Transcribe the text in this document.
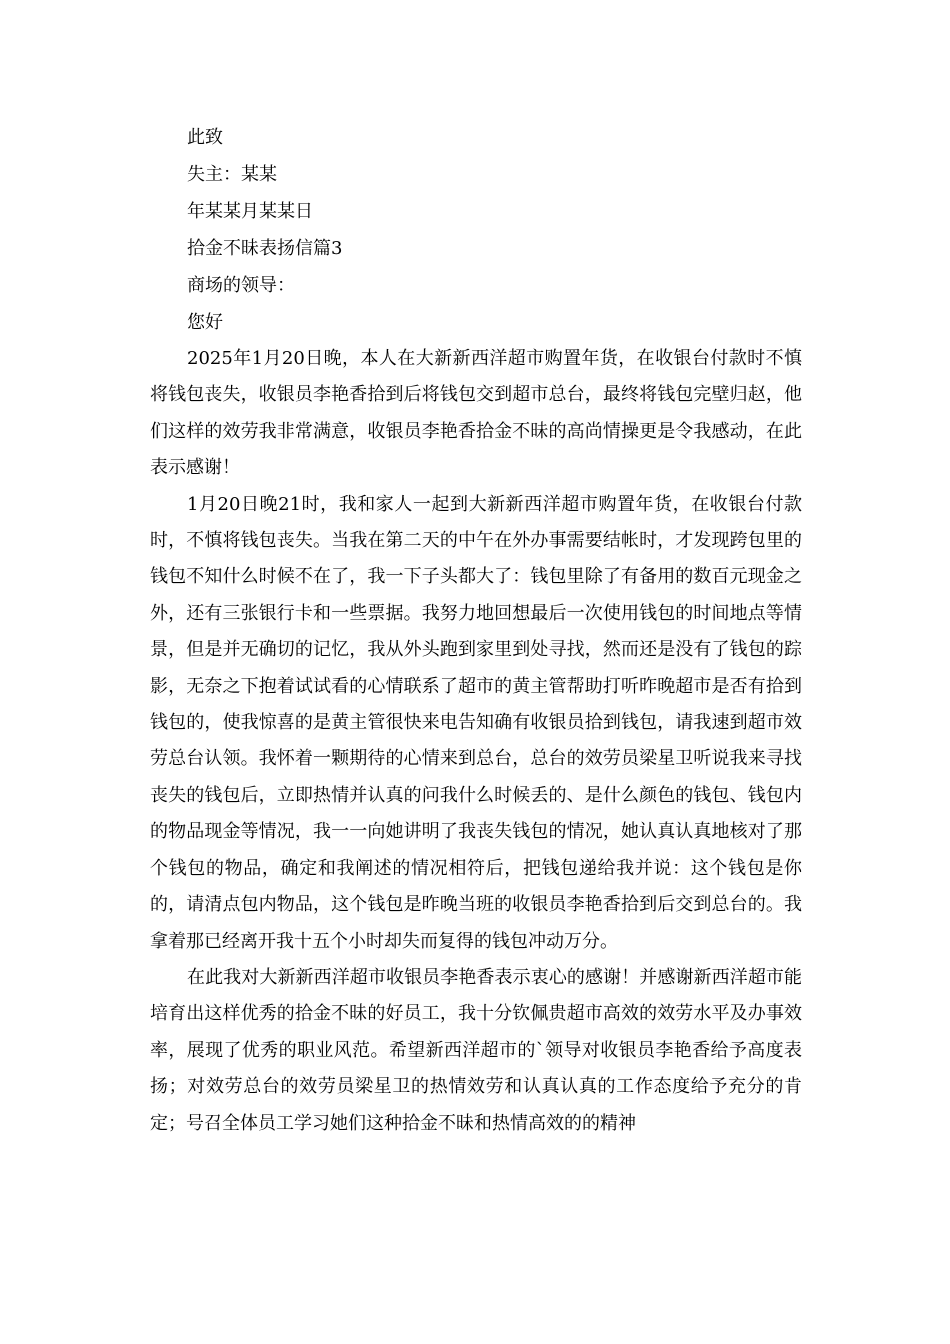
此致

失主：某某

年某某月某某日

拾金不昧表扬信篇3

商场的领导：

您好

2025年1月20日晚，本人在大新新西洋超市购置年货，在收银台付款时不慎将钱包丧失，收银员李艳香拾到后将钱包交到超市总台，最终将钱包完壁归赵，他们这样的效劳我非常满意，收银员李艳香拾金不昧的高尚情操更是令我感动，在此表示感谢！

1月20日晚21时，我和家人一起到大新新西洋超市购置年货，在收银台付款时，不慎将钱包丧失。当我在第二天的中午在外办事需要结帐时，才发现跨包里的钱包不知什么时候不在了，我一下子头都大了：钱包里除了有备用的数百元现金之外，还有三张银行卡和一些票据。我努力地回想最后一次使用钱包的时间地点等情景，但是并无确切的记忆，我从外头跑到家里到处寻找，然而还是没有了钱包的踪影，无奈之下抱着试试看的心情联系了超市的黄主管帮助打听昨晚超市是否有拾到钱包的，使我惊喜的是黄主管很快来电告知确有收银员拾到钱包，请我速到超市效劳总台认领。我怀着一颗期待的心情来到总台，总台的效劳员梁星卫听说我来寻找丧失的钱包后，立即热情并认真的问我什么时候丢的、是什么颜色的钱包、钱包内的物品现金等情况，我一一向她讲明了我丧失钱包的情况，她认真认真地核对了那个钱包的物品，确定和我阐述的情况相符后，把钱包递给我并说：这个钱包是你的，请清点包内物品，这个钱包是昨晚当班的收银员李艳香拾到后交到总台的。我拿着那已经离开我十五个小时却失而复得的钱包冲动万分。

在此我对大新新西洋超市收银员李艳香表示衷心的感谢！并感谢新西洋超市能培育出这样优秀的拾金不昧的好员工，我十分钦佩贵超市高效的效劳水平及办事效率，展现了优秀的职业风范。希望新西洋超市的`领导对收银员李艳香给予高度表扬；对效劳总台的效劳员梁星卫的热情效劳和认真认真的工作态度给予充分的肯定；号召全体员工学习她们这种拾金不昧和热情高效的的精神
